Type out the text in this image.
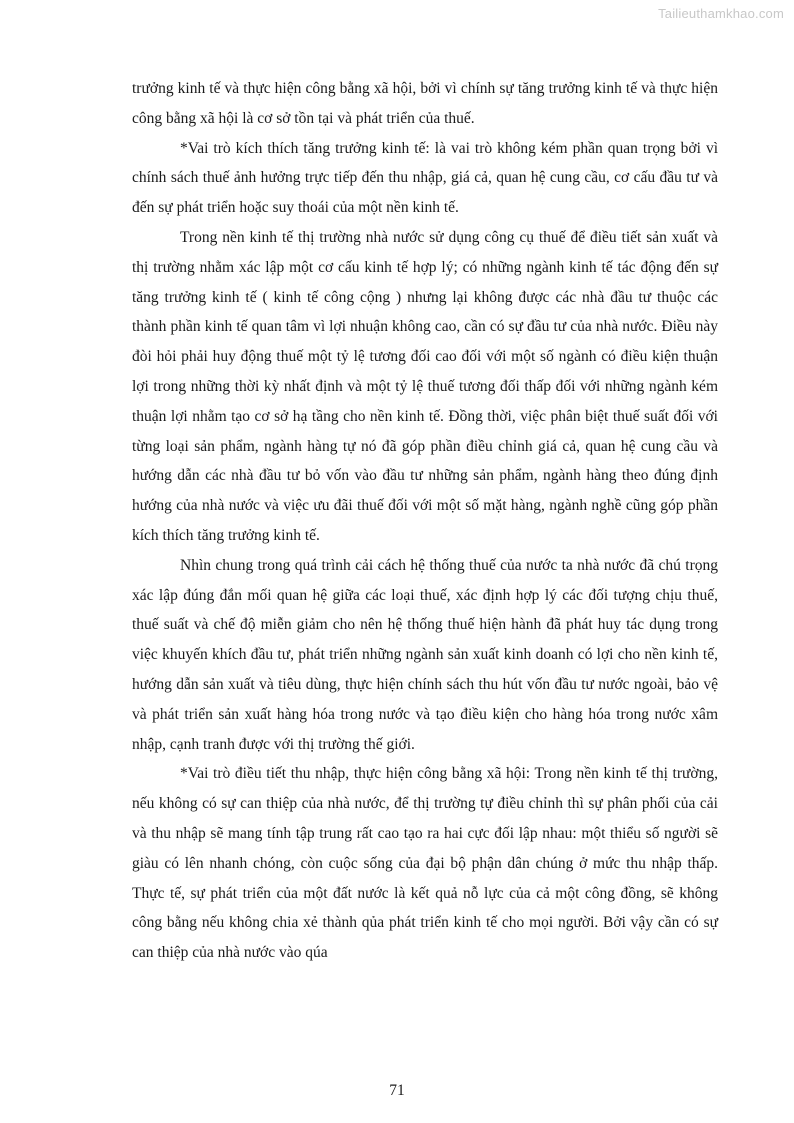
Tailieuthamkhao.com

trưởng kinh tế và thực hiện công bằng xã hội, bởi vì chính sự tăng trưởng kinh tế và thực hiện công bằng xã hội là cơ sở tồn tại và phát triển của thuế.

*Vai trò kích thích tăng trưởng kinh tế: là vai trò không kém phần quan trọng bởi vì chính sách thuế ảnh hưởng trực tiếp đến thu nhập, giá cả, quan hệ cung cầu, cơ cấu đầu tư và đến sự phát triển hoặc suy thoái của một nền kinh tế.

Trong nền kinh tế thị trường nhà nước sử dụng công cụ thuế để điều tiết sản xuất và thị trường nhằm xác lập một cơ cấu kinh tế hợp lý; có những ngành kinh tế tác động đến sự tăng trưởng kinh tế ( kinh tế công cộng ) nhưng lại không được các nhà đầu tư thuộc các thành phần kinh tế quan tâm vì lợi nhuận không cao, cần có sự đầu tư của nhà nước. Điều này đòi hỏi phải huy động thuế một tỷ lệ tương đối cao đối với một số ngành có điều kiện thuận lợi trong những thời kỳ nhất định và một tỷ lệ thuế tương đối thấp đối với những ngành kém thuận lợi nhằm tạo cơ sở hạ tầng cho nền kinh tế. Đồng thời, việc phân biệt thuế suất đối với từng loại sản phẩm, ngành hàng tự nó đã góp phần điều chỉnh giá cả, quan hệ cung cầu và hướng dẫn các nhà đầu tư bỏ vốn vào đầu tư những sản phẩm, ngành hàng theo đúng định hướng của nhà nước và việc ưu đãi thuế đối với một số mặt hàng, ngành nghề cũng góp phần kích thích tăng trưởng kinh tế.

Nhìn chung trong quá trình cải cách hệ thống thuế của nước ta nhà nước đã chú trọng xác lập đúng đắn mối quan hệ giữa các loại thuế, xác định hợp lý các đối tượng chịu thuế, thuế suất và chế độ miễn giảm cho nên hệ thống thuế hiện hành đã phát huy tác dụng trong việc khuyến khích đầu tư, phát triển những ngành sản xuất kinh doanh có lợi cho nền kinh tế, hướng dẫn sản xuất và tiêu dùng, thực hiện chính sách thu hút vốn đầu tư nước ngoài, bảo vệ và phát triển sản xuất hàng hóa trong nước và tạo điều kiện cho hàng hóa trong nước xâm nhập, cạnh tranh được với thị trường thế giới.

*Vai trò điều tiết thu nhập, thực hiện công bằng xã hội: Trong nền kinh tế thị trường, nếu không có sự can thiệp của nhà nước, để thị trường tự điều chỉnh thì sự phân phối của cải và thu nhập sẽ mang tính tập trung rất cao tạo ra hai cực đối lập nhau: một thiểu số người sẽ giàu có lên nhanh chóng, còn cuộc sống của đại bộ phận dân chúng ở mức thu nhập thấp. Thực tế, sự phát triển của một đất nước là kết quả nỗ lực của cả một công đồng, sẽ không công bằng nếu không chia xẻ thành qủa phát triển kinh tế cho mọi người. Bởi vậy cần có sự can thiệp của nhà nước vào qúa

71
